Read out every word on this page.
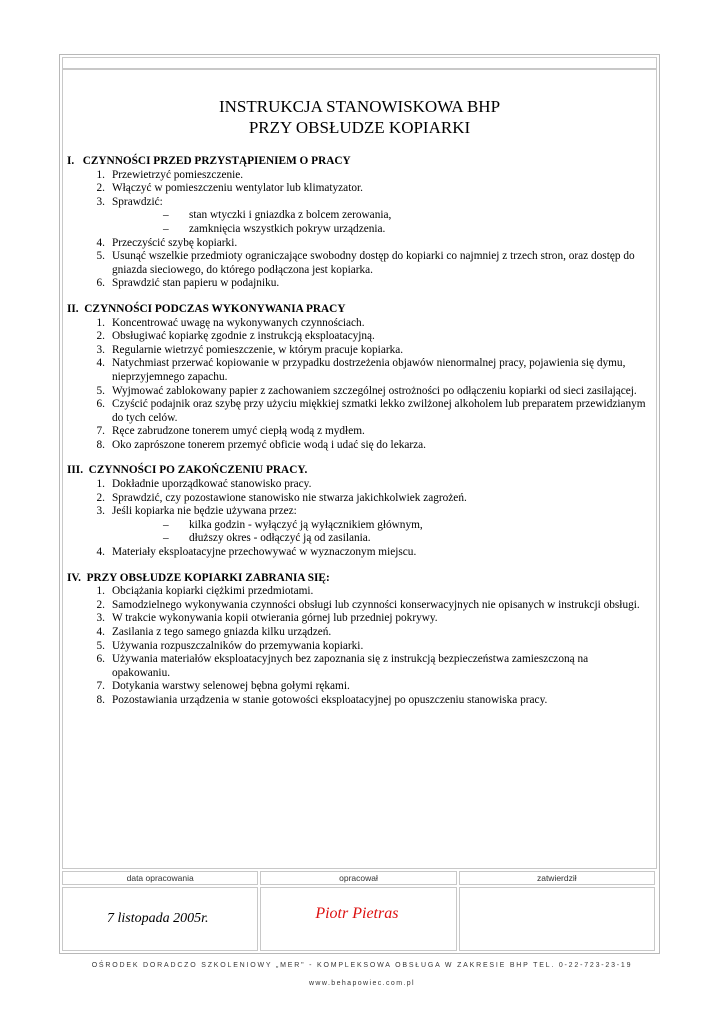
INSTRUKCJA STANOWISKOWA BHP
PRZY OBSŁUDZE KOPIARKI
I.   CZYNNOŚCI PRZED PRZYSTĄPIENIEM O PRACY
1. Przewietrzyć pomieszczenie.
2. Włączyć w pomieszczeniu wentylator lub klimatyzator.
3. Sprawdzić:
–	stan wtyczki i gniazdka z bolcem zerowania,
–	zamknięcia wszystkich pokryw urządzenia.
4. Przeczyścić szybę kopiarki.
5. Usunąć wszelkie przedmioty ograniczające swobodny dostęp do kopiarki co najmniej z trzech stron, oraz dostęp do gniazda sieciowego, do którego podłączona jest kopiarka.
6. Sprawdzić stan papieru w podajniku.
II.  CZYNNOŚCI PODCZAS WYKONYWANIA PRACY
1. Koncentrować uwagę na wykonywanych czynnościach.
2. Obsługiwać kopiarkę zgodnie z instrukcją eksploatacyjną.
3. Regularnie wietrzyć pomieszczenie, w którym pracuje kopiarka.
4. Natychmiast przerwać kopiowanie w przypadku dostrzeżenia objawów nienormalnej pracy, pojawienia się dymu, nieprzyjemnego zapachu.
5. Wyjmować zablokowany papier z zachowaniem szczególnej ostrożności po odłączeniu kopiarki od sieci zasilającej.
6. Czyścić podajnik oraz szybę przy użyciu miękkiej szmatki lekko zwilżonej alkoholem lub preparatem przewidzianym do tych celów.
7. Ręce zabrudzone tonerem umyć ciepłą wodą z mydłem.
8. Oko zaprószone tonerem przemyć obficie wodą i udać się do lekarza.
III.  CZYNNOŚCI PO ZAKOŃCZENIU PRACY.
1. Dokładnie uporządkować stanowisko pracy.
2. Sprawdzić, czy pozostawione stanowisko nie stwarza jakichkolwiek zagrożeń.
3. Jeśli kopiarka nie będzie używana przez:
–	kilka godzin - wyłączyć ją wyłącznikiem głównym,
–	dłuższy okres - odłączyć ją od zasilania.
4. Materiały eksploatacyjne przechowywać w wyznaczonym miejscu.
IV.  PRZY OBSŁUDZE KOPIARKI ZABRANIA SIĘ:
1. Obciążania kopiarki ciężkimi przedmiotami.
2. Samodzielnego wykonywania czynności obsługi lub czynności konserwacyjnych nie opisanych w instrukcji obsługi.
3. W trakcie wykonywania kopii otwierania górnej lub przedniej pokrywy.
4. Zasilania z tego samego gniazda kilku urządzeń.
5. Używania rozpuszczalników do przemywania kopiarki.
6. Używania materiałów eksploatacyjnych bez zapoznania się z instrukcją bezpieczeństwa zamieszczoną na opakowaniu.
7. Dotykania warstwy selenowej bębna gołymi rękami.
8. Pozostawiania urządzenia w stanie gotowości eksploatacyjnej po opuszczeniu stanowiska pracy.
data opracowania	opracował	zatwierdził
7 listopada 2005r.	Piotr Pietras
OŚRODEK DORADCZO SZKOLENIOWY „MER" - KOMPLEKSOWA OBSŁUGA W ZAKRESIE BHP TEL. 0-22-723-23-19
www.behapowiec.com.pl
